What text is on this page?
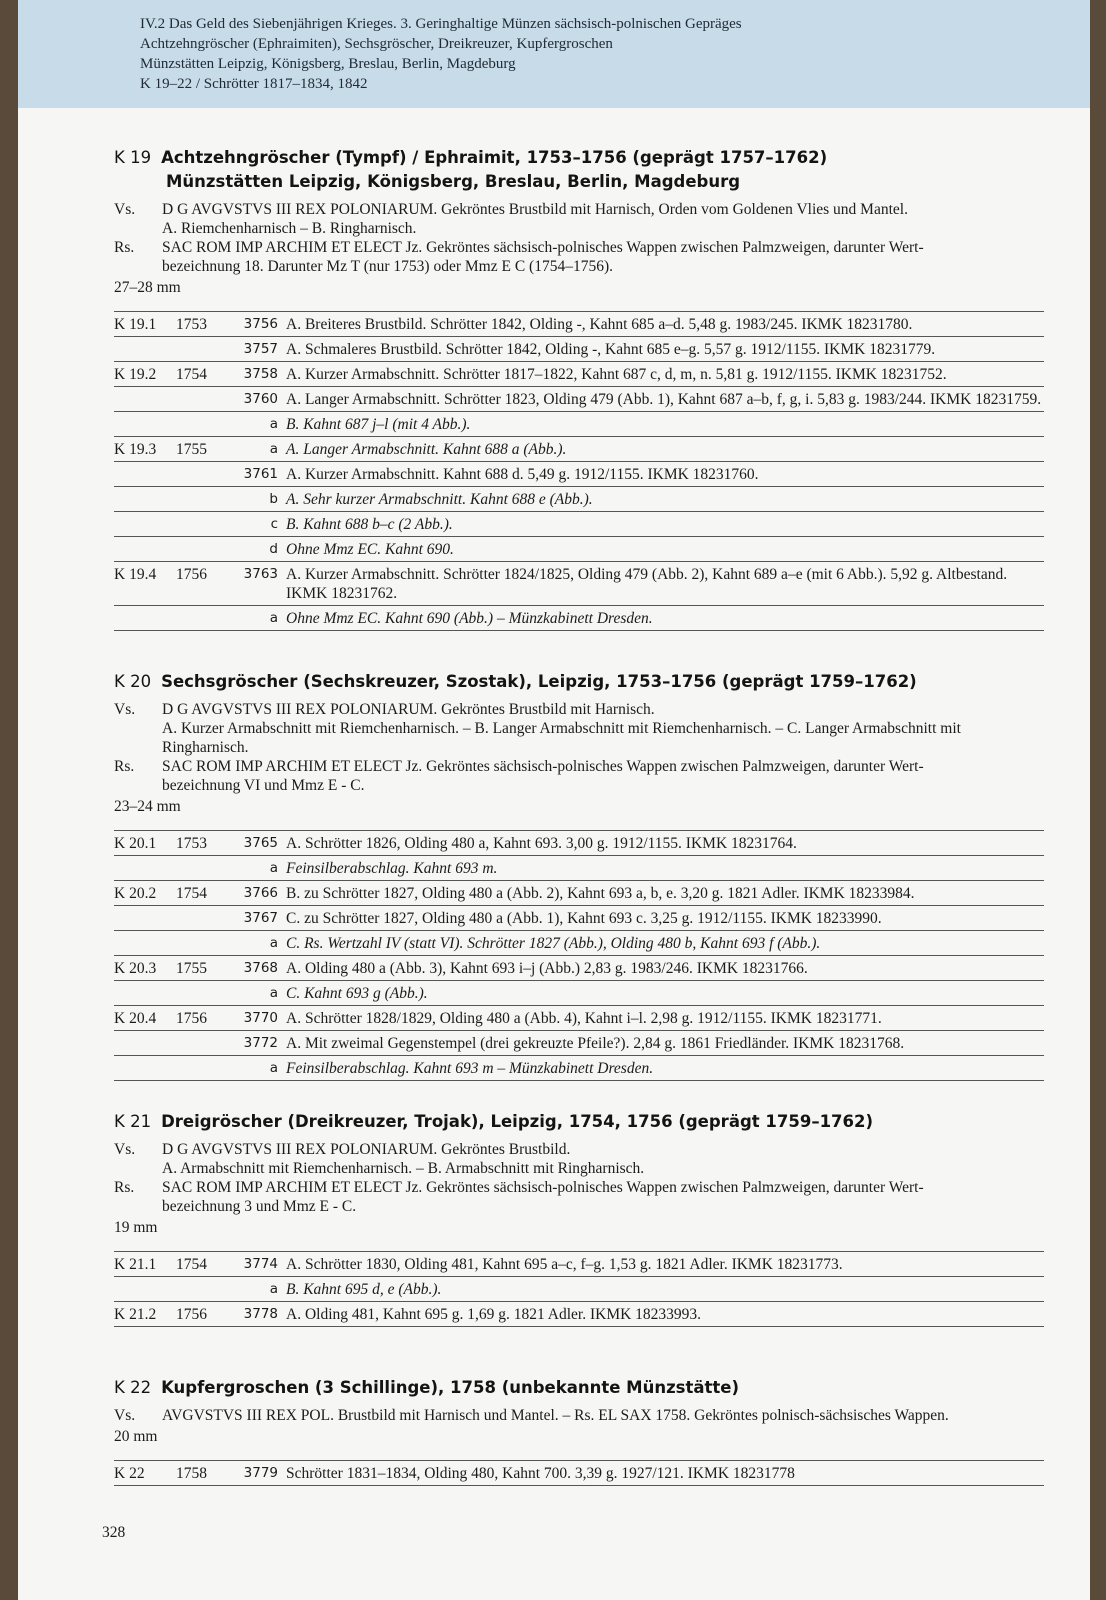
IV.2 Das Geld des Siebenjährigen Krieges. 3. Geringhaltige Münzen sächsisch-polnischen Gepräges
Achtzehngröscher (Ephraimiten), Sechsgröscher, Dreikreuzer, Kupfergroschen
Münzstätten Leipzig, Königsberg, Breslau, Berlin, Magdeburg
K 19–22 / Schrötter 1817–1834, 1842
K 19 Achtzehngröscher (Tympf) / Ephraimit, 1753–1756 (geprägt 1757–1762)
Münzstätten Leipzig, Königsberg, Breslau, Berlin, Magdeburg
Vs.	D G AVGVSTVS III REX POLONIARUM. Gekröntes Brustbild mit Harnisch, Orden vom Goldenen Vlies und Mantel.
A. Riemchenharnisch – B. Ringharnisch.
Rs.	SAC ROM IMP ARCHIM ET ELECT Jz. Gekröntes sächsisch-polnisches Wappen zwischen Palmzweigen, darunter Wert-
bezeichnung 18. Darunter Mz T (nur 1753) oder Mmz E C (1754–1756).
27–28 mm
K 19.1	1753	3756 A. Breiteres Brustbild. Schrötter 1842, Olding -, Kahnt 685 a–d. 5,48 g. 1983/245. IKMK 18231780.
3757 A. Schmaleres Brustbild. Schrötter 1842, Olding -, Kahnt 685 e–g. 5,57 g. 1912/1155. IKMK 18231779.
K 19.2	1754	3758 A. Kurzer Armabschnitt. Schrötter 1817–1822, Kahnt 687 c, d, m, n. 5,81 g. 1912/1155. IKMK 18231752.
3760 A. Langer Armabschnitt. Schrötter 1823, Olding 479 (Abb. 1), Kahnt 687 a–b, f, g, i. 5,83 g. 1983/244. IKMK 18231759.
a B. Kahnt 687 j–l (mit 4 Abb.).
K 19.3	1755	a A. Langer Armabschnitt. Kahnt 688 a (Abb.).
3761 A. Kurzer Armabschnitt. Kahnt 688 d. 5,49 g. 1912/1155. IKMK 18231760.
b A. Sehr kurzer Armabschnitt. Kahnt 688 e (Abb.).
c B. Kahnt 688 b–c (2 Abb.).
d Ohne Mmz EC. Kahnt 690.
K 19.4	1756	3763 A. Kurzer Armabschnitt. Schrötter 1824/1825, Olding 479 (Abb. 2), Kahnt 689 a–e (mit 6 Abb.). 5,92 g. Altbestand. IKMK 18231762.
a Ohne Mmz EC. Kahnt 690 (Abb.) – Münzkabinett Dresden.
K 20 Sechsgröscher (Sechskreuzer, Szostak), Leipzig, 1753–1756 (geprägt 1759–1762)
Vs.	D G AVGVSTVS III REX POLONIARUM. Gekröntes Brustbild mit Harnisch.
A. Kurzer Armabschnitt mit Riemchenharnisch. – B. Langer Armabschnitt mit Riemchenharnisch. – C. Langer Armabschnitt mit Ringharnisch.
Rs.	SAC ROM IMP ARCHIM ET ELECT Jz. Gekröntes sächsisch-polnisches Wappen zwischen Palmzweigen, darunter Wert-
bezeichnung VI und Mmz E - C.
23–24 mm
K 20.1	1753	3765 A. Schrötter 1826, Olding 480 a, Kahnt 693. 3,00 g. 1912/1155. IKMK 18231764.
a Feinsilberabschlag. Kahnt 693 m.
K 20.2	1754	3766 B. zu Schrötter 1827, Olding 480 a (Abb. 2), Kahnt 693 a, b, e. 3,20 g. 1821 Adler. IKMK 18233984.
3767 C. zu Schrötter 1827, Olding 480 a (Abb. 1), Kahnt 693 c. 3,25 g. 1912/1155. IKMK 18233990.
a C. Rs. Wertzahl IV (statt VI). Schrötter 1827 (Abb.), Olding 480 b, Kahnt 693 f (Abb.).
K 20.3	1755	3768 A. Olding 480 a (Abb. 3), Kahnt 693 i–j (Abb.) 2,83 g. 1983/246. IKMK 18231766.
a C. Kahnt 693 g (Abb.).
K 20.4	1756	3770 A. Schrötter 1828/1829, Olding 480 a (Abb. 4), Kahnt i–l. 2,98 g. 1912/1155. IKMK 18231771.
3772 A. Mit zweimal Gegenstempel (drei gekreuzte Pfeile?). 2,84 g. 1861 Friedländer. IKMK 18231768.
a Feinsilberabschlag. Kahnt 693 m – Münzkabinett Dresden.
K 21 Dreigröscher (Dreikreuzer, Trojak), Leipzig, 1754, 1756 (geprägt 1759–1762)
Vs.	D G AVGVSTVS III REX POLONIARUM. Gekröntes Brustbild.
A. Armabschnitt mit Riemchenharnisch. – B. Armabschnitt mit Ringharnisch.
Rs.	SAC ROM IMP ARCHIM ET ELECT Jz. Gekröntes sächsisch-polnisches Wappen zwischen Palmzweigen, darunter Wert-
bezeichnung 3 und Mmz E - C.
19 mm
K 21.1	1754	3774 A. Schrötter 1830, Olding 481, Kahnt 695 a–c, f–g. 1,53 g. 1821 Adler. IKMK 18231773.
a B. Kahnt 695 d, e (Abb.).
K 21.2	1756	3778 A. Olding 481, Kahnt 695 g. 1,69 g. 1821 Adler. IKMK 18233993.
K 22 Kupfergroschen (3 Schillinge), 1758 (unbekannte Münzstätte)
Vs.	AVGVSTVS III REX POL. Brustbild mit Harnisch und Mantel. – Rs. EL SAX 1758. Gekröntes polnisch-sächsisches Wappen.
20 mm
K 22	1758	3779 Schrötter 1831–1834, Olding 480, Kahnt 700. 3,39 g. 1927/121. IKMK 18231778
328
